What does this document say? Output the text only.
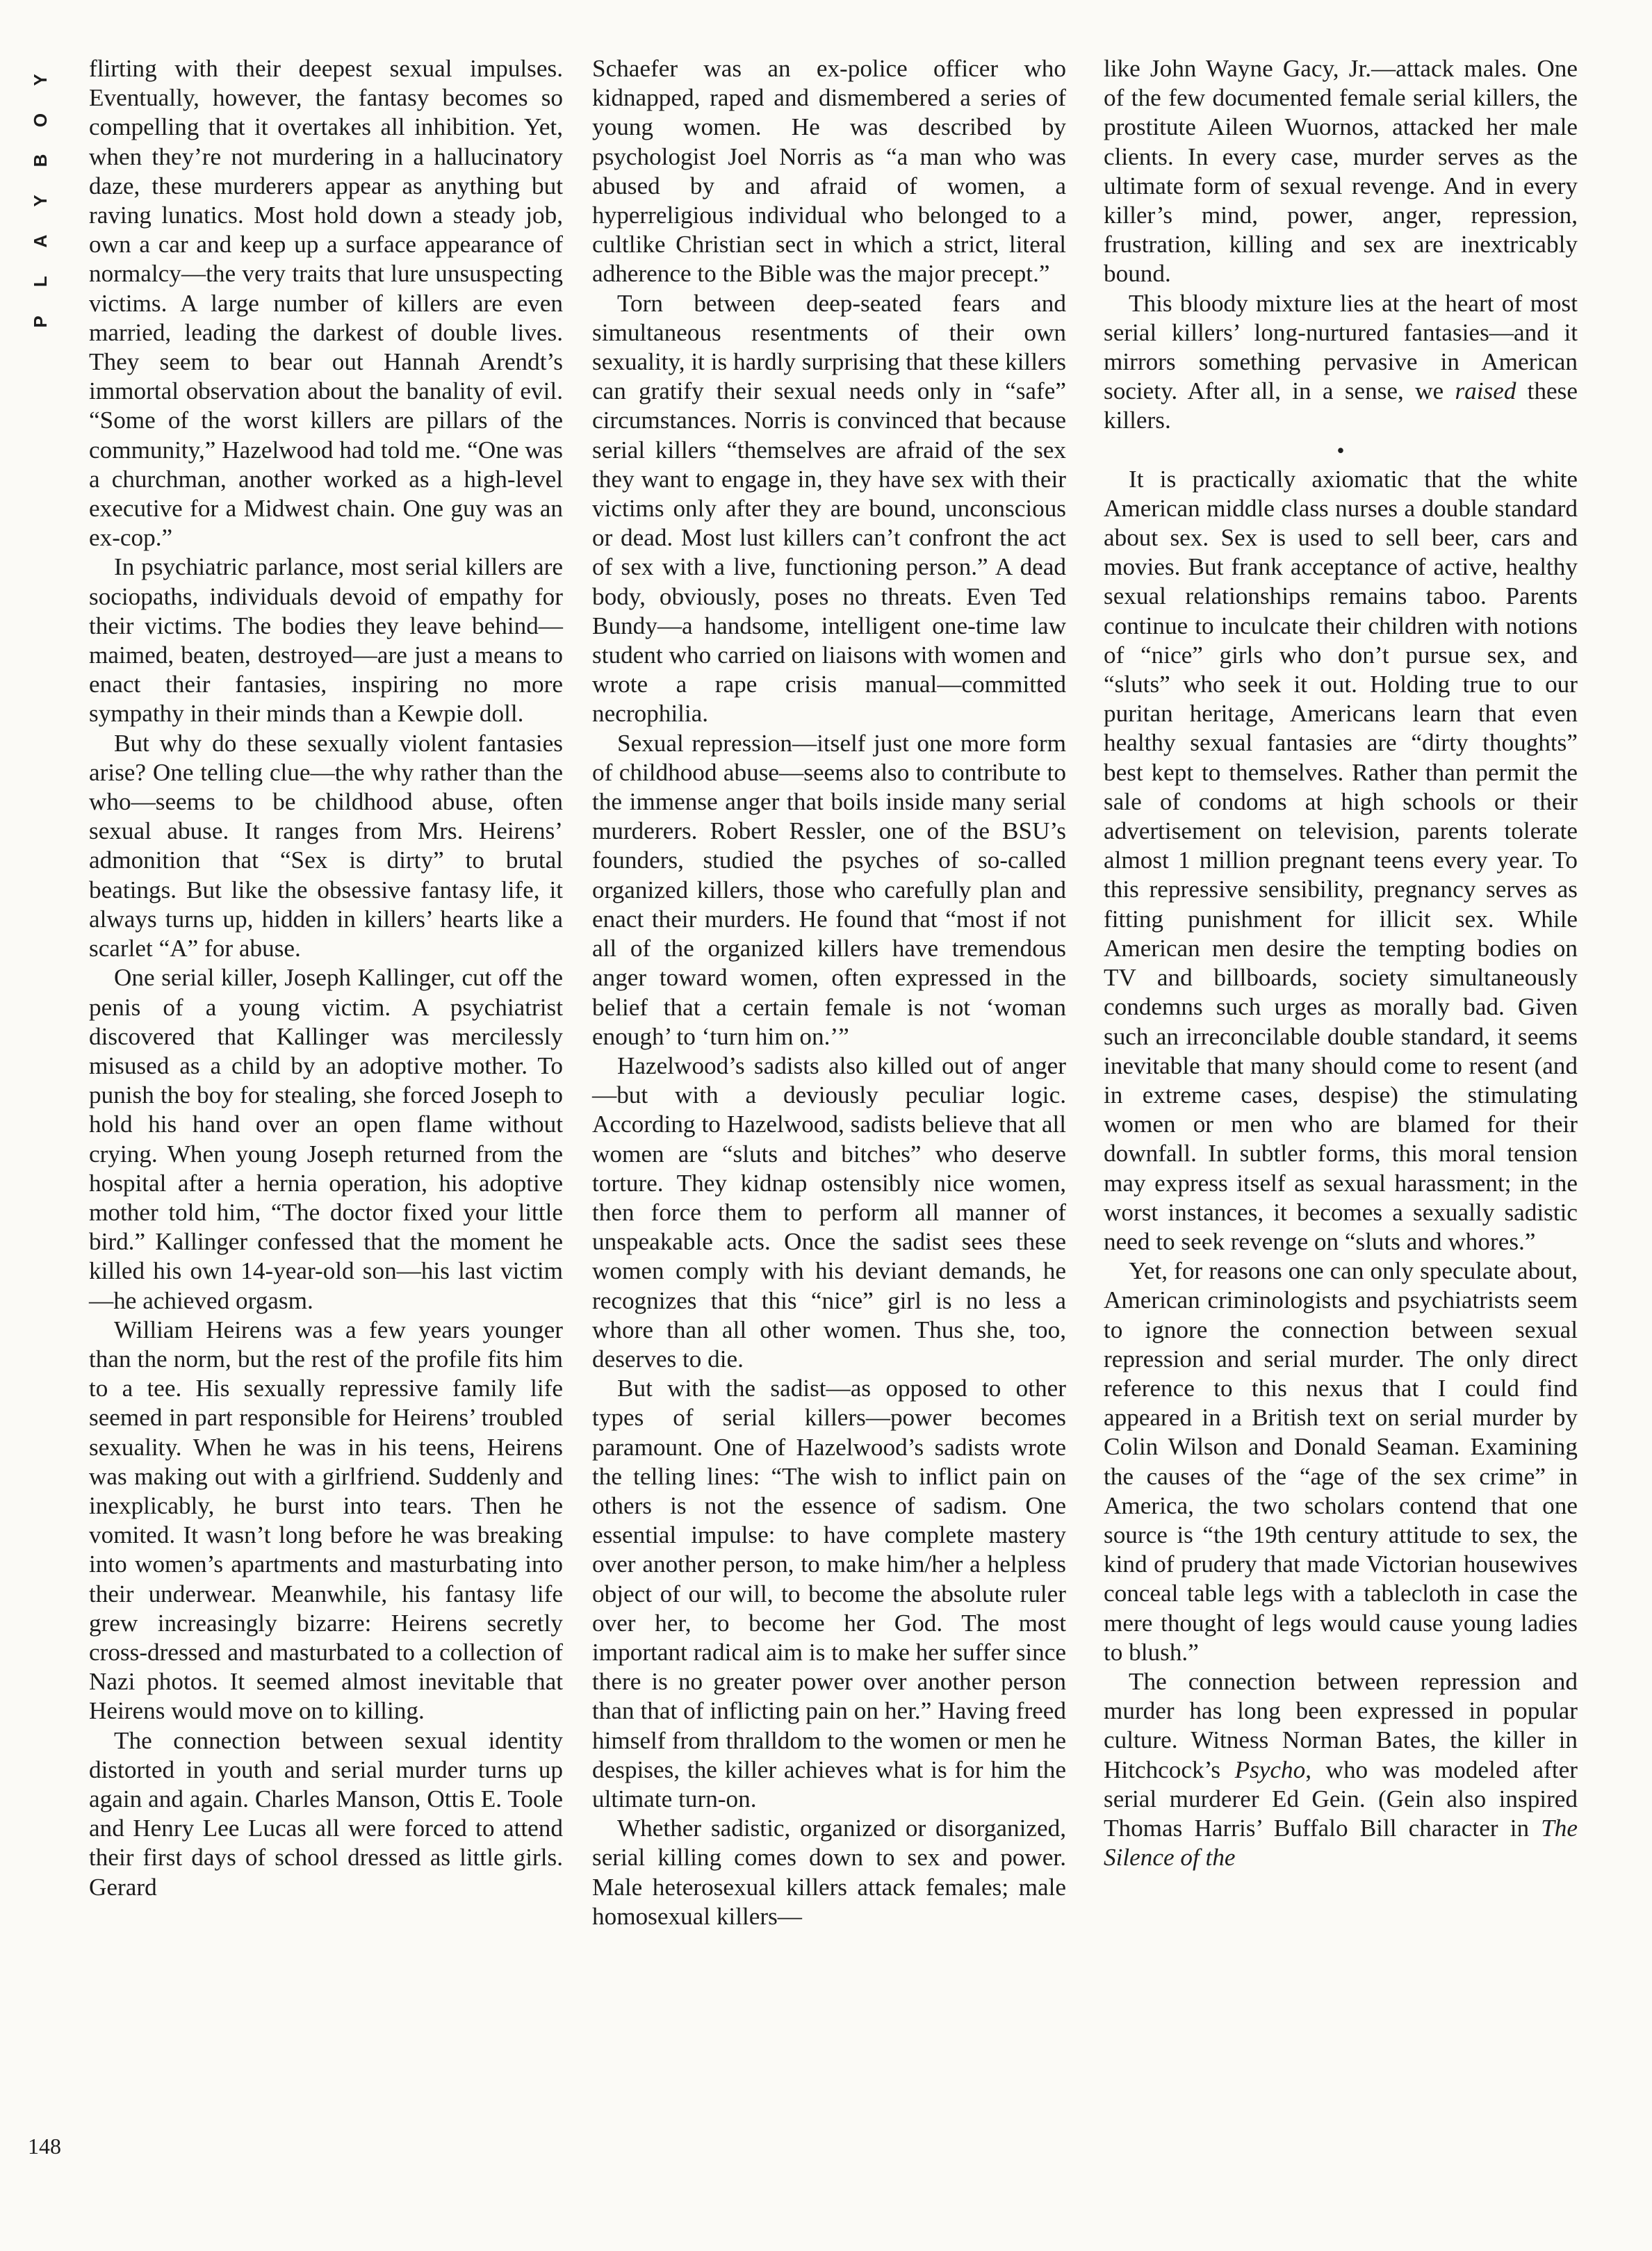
Y
O
B
Y
A
L
P

flirting with their deepest sexual impulses. Eventually, however, the fantasy becomes so compelling that it overtakes all inhibition. Yet, when they’re not murdering in a hallucinatory daze, these murderers appear as anything but raving lunatics. Most hold down a steady job, own a car and keep up a surface appearance of normalcy—the very traits that lure unsuspecting victims. A large number of killers are even married, leading the darkest of double lives. They seem to bear out Hannah Arendt’s immortal observation about the banality of evil. “Some of the worst killers are pillars of the community,” Hazelwood had told me. “One was a churchman, another worked as a high-level executive for a Midwest chain. One guy was an ex-cop.”

In psychiatric parlance, most serial killers are sociopaths, individuals devoid of empathy for their victims. The bodies they leave behind—maimed, beaten, destroyed—are just a means to enact their fantasies, inspiring no more sympathy in their minds than a Kewpie doll.

But why do these sexually violent fantasies arise? One telling clue—the why rather than the who—seems to be childhood abuse, often sexual abuse. It ranges from Mrs. Heirens’ admonition that “Sex is dirty” to brutal beatings. But like the obsessive fantasy life, it always turns up, hidden in killers’ hearts like a scarlet “A” for abuse.

One serial killer, Joseph Kallinger, cut off the penis of a young victim. A psychiatrist discovered that Kallinger was mercilessly misused as a child by an adoptive mother. To punish the boy for stealing, she forced Joseph to hold his hand over an open flame without crying. When young Joseph returned from the hospital after a hernia operation, his adoptive mother told him, “The doctor fixed your little bird.” Kallinger confessed that the moment he killed his own 14-year-old son—his last victim—he achieved orgasm.

William Heirens was a few years younger than the norm, but the rest of the profile fits him to a tee. His sexually repressive family life seemed in part responsible for Heirens’ troubled sexuality. When he was in his teens, Heirens was making out with a girlfriend. Suddenly and inexplicably, he burst into tears. Then he vomited. It wasn’t long before he was breaking into women’s apartments and masturbating into their underwear. Meanwhile, his fantasy life grew increasingly bizarre: Heirens secretly cross-dressed and masturbated to a collection of Nazi photos. It seemed almost inevitable that Heirens would move on to killing.

The connection between sexual identity distorted in youth and serial murder turns up again and again. Charles Manson, Ottis E. Toole and Henry Lee Lucas all were forced to attend their first days of school dressed as little girls. Gerard

Schaefer was an ex-police officer who kidnapped, raped and dismembered a series of young women. He was described by psychologist Joel Norris as “a man who was abused by and afraid of women, a hyperreligious individual who belonged to a cultlike Christian sect in which a strict, literal adherence to the Bible was the major precept.”

Torn between deep-seated fears and simultaneous resentments of their own sexuality, it is hardly surprising that these killers can gratify their sexual needs only in “safe” circumstances. Norris is convinced that because serial killers “themselves are afraid of the sex they want to engage in, they have sex with their victims only after they are bound, unconscious or dead. Most lust killers can’t confront the act of sex with a live, functioning person.” A dead body, obviously, poses no threats. Even Ted Bundy—a handsome, intelligent one-time law student who carried on liaisons with women and wrote a rape crisis manual—committed necrophilia.

Sexual repression—itself just one more form of childhood abuse—seems also to contribute to the immense anger that boils inside many serial murderers. Robert Ressler, one of the BSU’s founders, studied the psyches of so-called organized killers, those who carefully plan and enact their murders. He found that “most if not all of the organized killers have tremendous anger toward women, often expressed in the belief that a certain female is not ‘woman enough’ to ‘turn him on.’”

Hazelwood’s sadists also killed out of anger—but with a deviously peculiar logic. According to Hazelwood, sadists believe that all women are “sluts and bitches” who deserve torture. They kidnap ostensibly nice women, then force them to perform all manner of unspeakable acts. Once the sadist sees these women comply with his deviant demands, he recognizes that this “nice” girl is no less a whore than all other women. Thus she, too, deserves to die.

But with the sadist—as opposed to other types of serial killers—power becomes paramount. One of Hazelwood’s sadists wrote the telling lines: “The wish to inflict pain on others is not the essence of sadism. One essential impulse: to have complete mastery over another person, to make him/her a helpless object of our will, to become the absolute ruler over her, to become her God. The most important radical aim is to make her suffer since there is no greater power over another person than that of inflicting pain on her.” Having freed himself from thralldom to the women or men he despises, the killer achieves what is for him the ultimate turn-on.

Whether sadistic, organized or disorganized, serial killing comes down to sex and power. Male heterosexual killers attack females; male homosexual killers—

like John Wayne Gacy, Jr.—attack males. One of the few documented female serial killers, the prostitute Aileen Wuornos, attacked her male clients. In every case, murder serves as the ultimate form of sexual revenge. And in every killer’s mind, power, anger, repression, frustration, killing and sex are inextricably bound.

This bloody mixture lies at the heart of most serial killers’ long-nurtured fantasies—and it mirrors something pervasive in American society. After all, in a sense, we raised these killers.

•

It is practically axiomatic that the white American middle class nurses a double standard about sex. Sex is used to sell beer, cars and movies. But frank acceptance of active, healthy sexual relationships remains taboo. Parents continue to inculcate their children with notions of “nice” girls who don’t pursue sex, and “sluts” who seek it out. Holding true to our puritan heritage, Americans learn that even healthy sexual fantasies are “dirty thoughts” best kept to themselves. Rather than permit the sale of condoms at high schools or their advertisement on television, parents tolerate almost 1 million pregnant teens every year. To this repressive sensibility, pregnancy serves as fitting punishment for illicit sex. While American men desire the tempting bodies on TV and billboards, society simultaneously condemns such urges as morally bad. Given such an irreconcilable double standard, it seems inevitable that many should come to resent (and in extreme cases, despise) the stimulating women or men who are blamed for their downfall. In subtler forms, this moral tension may express itself as sexual harassment; in the worst instances, it becomes a sexually sadistic need to seek revenge on “sluts and whores.”

Yet, for reasons one can only speculate about, American criminologists and psychiatrists seem to ignore the connection between sexual repression and serial murder. The only direct reference to this nexus that I could find appeared in a British text on serial murder by Colin Wilson and Donald Seaman. Examining the causes of the “age of the sex crime” in America, the two scholars contend that one source is “the 19th century attitude to sex, the kind of prudery that made Victorian housewives conceal table legs with a tablecloth in case the mere thought of legs would cause young ladies to blush.”

The connection between repression and murder has long been expressed in popular culture. Witness Norman Bates, the killer in Hitchcock’s Psycho, who was modeled after serial murderer Ed Gein. (Gein also inspired Thomas Harris’ Buffalo Bill character in The Silence of the

148
